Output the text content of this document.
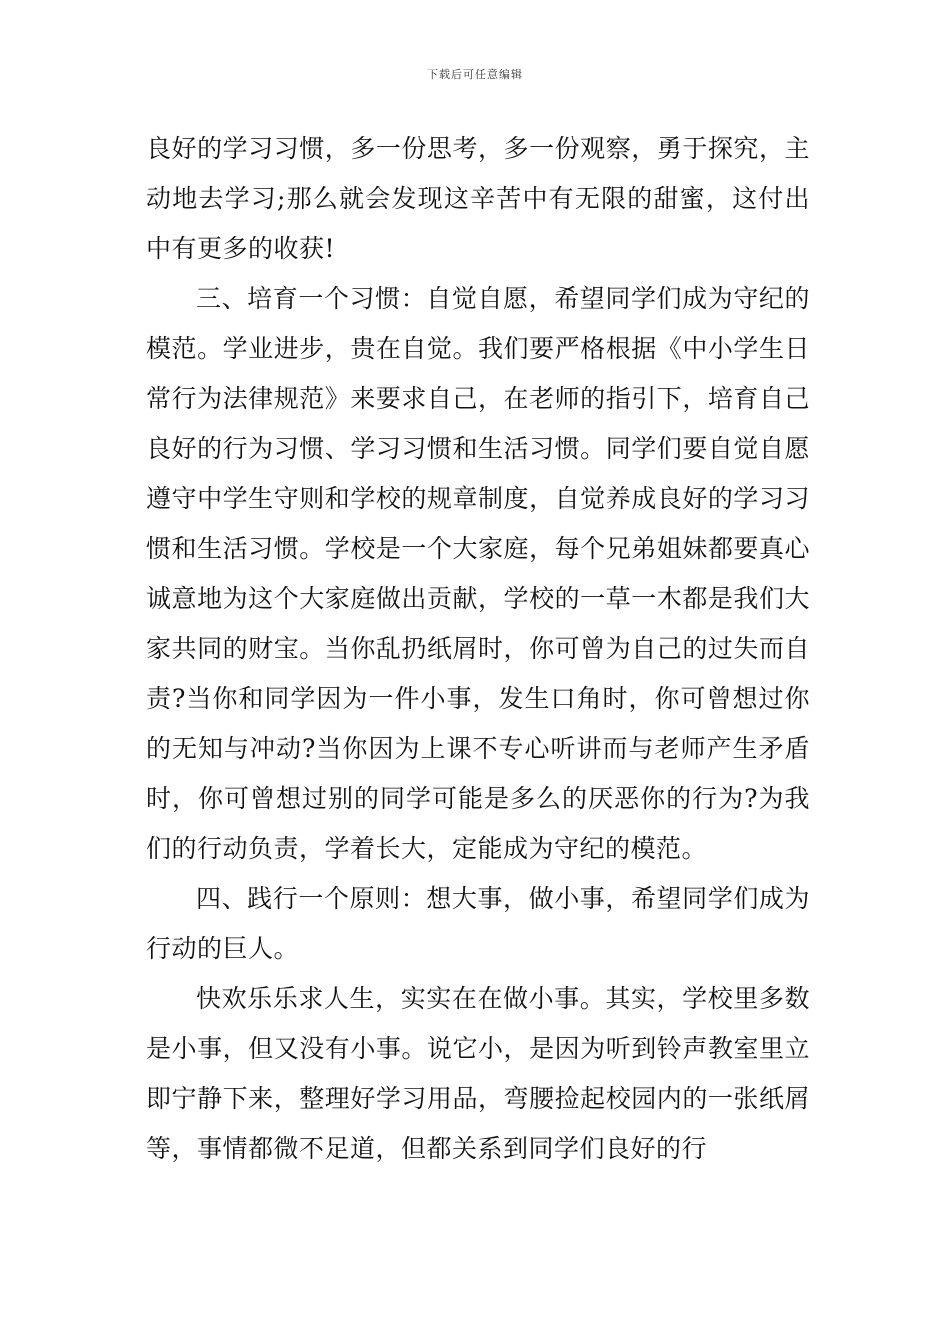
下载后可任意编辑

良好的学习习惯，多一份思考，多一份观察，勇于探究，主动地去学习;那么就会发现这辛苦中有无限的甜蜜，这付出中有更多的收获!

三、培育一个习惯：自觉自愿，希望同学们成为守纪的模范。学业进步，贵在自觉。我们要严格根据《中小学生日常行为法律规范》来要求自己，在老师的指引下，培育自己良好的行为习惯、学习习惯和生活习惯。同学们要自觉自愿遵守中学生守则和学校的规章制度，自觉养成良好的学习习惯和生活习惯。学校是一个大家庭，每个兄弟姐妹都要真心诚意地为这个大家庭做出贡献，学校的一草一木都是我们大家共同的财宝。当你乱扔纸屑时，你可曾为自己的过失而自责?当你和同学因为一件小事，发生口角时，你可曾想过你的无知与冲动?当你因为上课不专心听讲而与老师产生矛盾时，你可曾想过别的同学可能是多么的厌恶你的行为?为我们的行动负责，学着长大，定能成为守纪的模范。

四、践行一个原则：想大事，做小事，希望同学们成为行动的巨人。

快欢乐乐求人生，实实在在做小事。其实，学校里多数是小事，但又没有小事。说它小，是因为听到铃声教室里立即宁静下来，整理好学习用品，弯腰捡起校园内的一张纸屑等，事情都微不足道，但都关系到同学们良好的行
